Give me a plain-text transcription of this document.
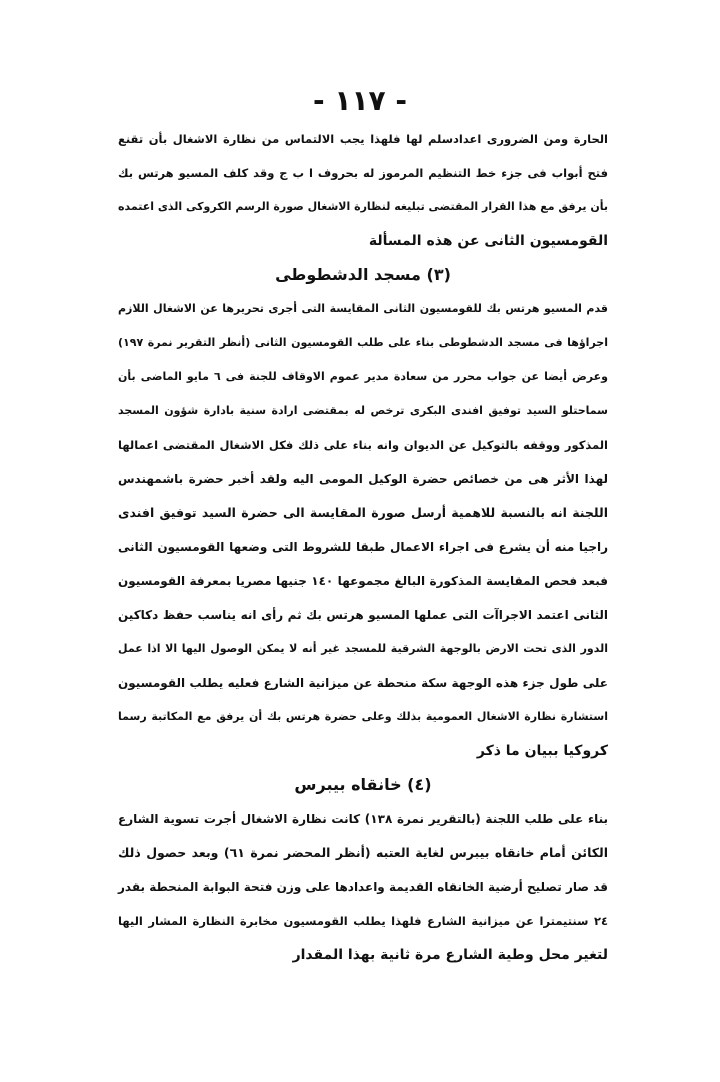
- ١١٧ -
الحارة ومن الضرورى اعدادسلم لها فلهذا يجب الالتماس من نظارة الاشغال بأن تقنع
فتح أبواب فى جزء خط التنظيم المرموز له بحروف ا ب ج وقد كلف المسيو هرتس بك
بأن يرفق مع هذا القرار المقتضى تبليغه لنظارة الاشغال صورة الرسم الكروكى الذى اعتمده
القومسيون الثانى عن هذه المسألة
(٣) مسجد الدشطوطى
قدم المسيو هرتس بك للقومسيون الثانى المقايسة التى أجرى تحريرها عن الاشغال اللازم
اجراؤها فى مسجد الدشطوطى بناء على طلب القومسيون الثانى (أنظر التقرير نمرة ١٩٧)
وعرض أيضا عن جواب محرر من سعادة مدير عموم الاوقاف للجنة فى ٦ مايو الماضى بأن
سماحتلو السيد توفيق افندى البكرى ترخص له بمقتضى ارادة سنية بادارة شؤون المسجد
المذكور ووقفه بالتوكيل عن الديوان وانه بناء على ذلك فكل الاشغال المقتضى اعمالها
لهذا الأثر هى من خصائص حضرة الوكيل المومى اليه ولقد أخبر حضرة باشمهندس
اللجنة انه بالنسبة للاهمية أرسل صورة المقايسة الى حضرة السيد توفيق افندى
راجيا منه أن يشرع فى اجراء الاعمال طبقا للشروط التى وضعها القومسيون الثانى
فبعد فحص المقايسة المذكورة البالغ مجموعها ١٤٠ جنيها مصريا بمعرفة القومسيون
الثانى اعتمد الاجراآت التى عملها المسيو هرتس بك ثم رأى انه يناسب حفظ دكاكين
الدور الذى تحت الارض بالوجهة الشرقية للمسجد غير أنه لا يمكن الوصول اليها الا اذا عمل
على طول جزء هذه الوجهة سكة منحطة عن ميزانية الشارع فعليه يطلب القومسيون
استشارة نظارة الاشغال العمومية بذلك وعلى حضرة هرتس بك أن يرفق مع المكاتبة رسما
كروكيا ببيان ما ذكر
(٤) خانقاه بيبرس
بناء على طلب اللجنة (بالتقرير نمرة ١٣٨) كانت نظارة الاشغال أجرت تسوية الشارع
الكائن أمام خانقاه بيبرس لغاية العتبه (أنظر المحضر نمرة ٦١) وبعد حصول ذلك
قد صار تصليح أرضية الخانقاه القديمة واعدادها على وزن فتحة البوابة المنحطة بقدر
٢٤ سنتيمترا عن ميزانية الشارع فلهذا يطلب القومسيون مخابرة النظارة المشار اليها
لتغير محل وطية الشارع مرة ثانية بهذا المقدار
